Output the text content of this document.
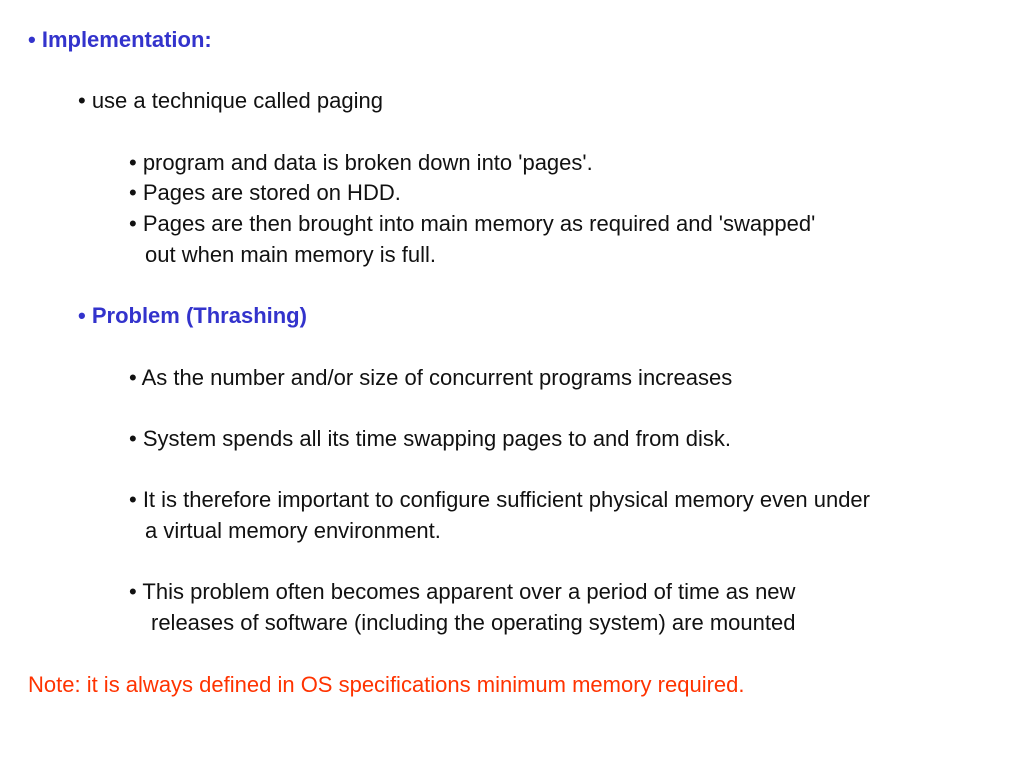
• Implementation:
• use a technique called paging
• program and data is broken down into 'pages'.
• Pages are stored on HDD.
• Pages are then brought into main memory as required and 'swapped'
out when main memory is full.
• Problem (Thrashing)
• As the number and/or size of concurrent programs increases
• System spends all its time swapping pages to and from disk.
• It is therefore important to configure sufficient physical memory even under
a virtual memory environment.
• This problem often becomes apparent over a period of time as new
releases of software (including the operating system) are mounted
Note: it is always defined in OS specifications minimum memory required.
